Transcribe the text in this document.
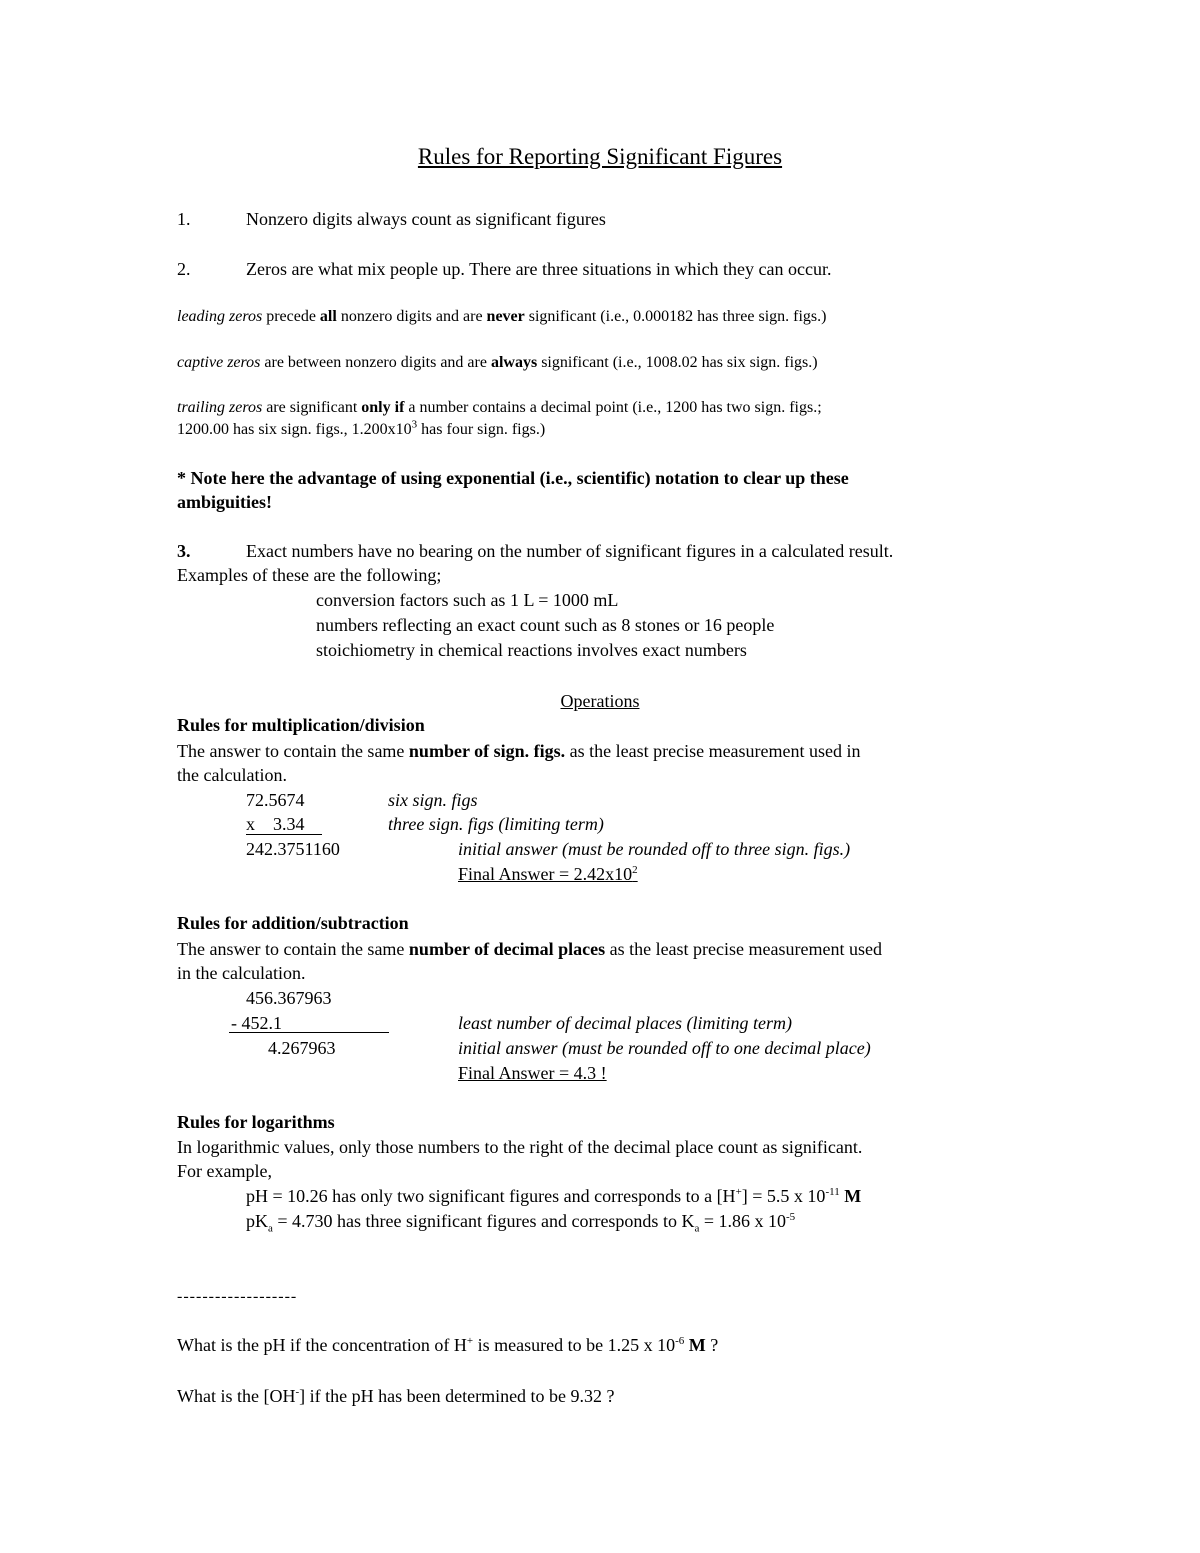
Rules for Reporting Significant Figures
1.	Nonzero digits always count as significant figures
2.	Zeros are what mix people up. There are three situations in which they can occur.
leading zeros precede all nonzero digits and are never significant (i.e., 0.000182 has three sign. figs.)
captive zeros are between nonzero digits and are always significant (i.e., 1008.02 has six sign. figs.)
trailing zeros are significant only if a number contains a decimal point (i.e., 1200 has two sign. figs.;
1200.00 has six sign. figs., $1.200x10^3$ has four sign. figs.)
* Note here the advantage of using exponential (i.e., scientific) notation to clear up these
ambiguities!
3.	Exact numbers have no bearing on the number of significant figures in a calculated result.
Examples of these are the following;
conversion factors such as 1 L = 1000 mL
numbers reflecting an exact count such as 8 stones or 16 people
stoichiometry in chemical reactions involves exact numbers
Operations
Rules for multiplication/division
The answer to contain the same number of sign. figs. as the least precise measurement used in
the calculation.
72.5674	six sign. figs
x    3.34	three sign. figs (limiting term)
242.3751160	initial answer (must be rounded off to three sign. figs.)
Final Answer = $2.42x10^2$
Rules for addition/subtraction
The answer to contain the same number of decimal places as the least precise measurement used
in the calculation.
456.367963
- 452.1	least number of decimal places (limiting term)
4.267963	initial answer (must be rounded off to one decimal place)
Final Answer = 4.3 !
Rules for logarithms
In logarithmic values, only those numbers to the right of the decimal place count as significant.
For example,
pH = 10.26 has only two significant figures and corresponds to a [H+] = 5.5 x $10^{-11}$ M
$pK_a = 4.730$ has three significant figures and corresponds to $K_a = 1.86$ x $10^{-5}$
-------------------
What is the pH if the concentration of H+ is measured to be 1.25 x $10^{-6}$ M ?
What is the [OH-] if the pH has been determined to be 9.32 ?
